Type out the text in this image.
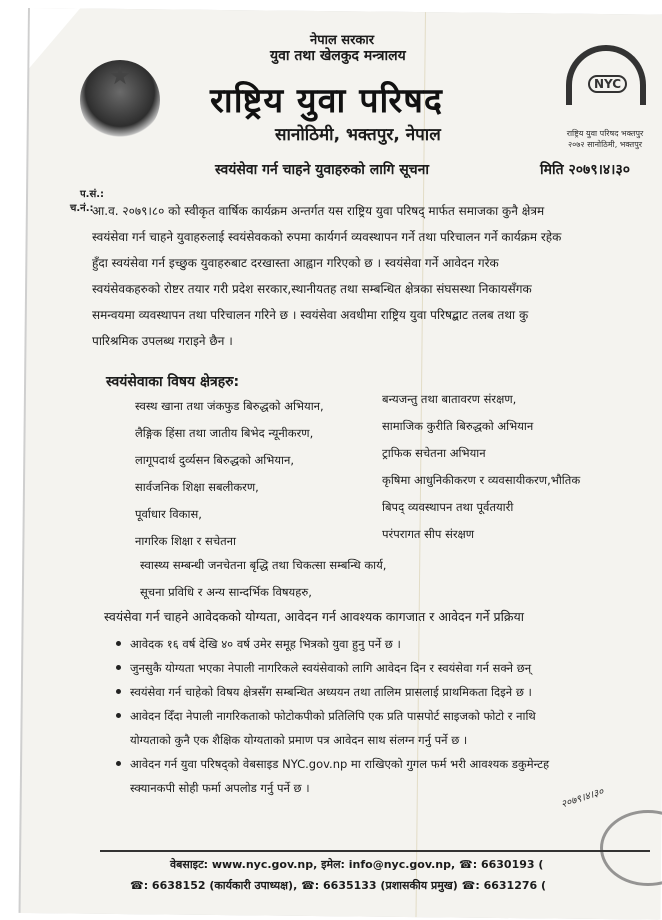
NYC
राष्ट्रिय युवा परिषद भक्तपुर २०७२ सानोठिमी, भक्तपुर
नेपाल सरकार
युवा तथा खेलकुद मन्त्रालय
राष्ट्रिय युवा परिषद
सानोठिमी, भक्तपुर, नेपाल
स्वयंसेवा गर्न चाहने युवाहरुको लागि सूचना	मिति २०७९।४।३०
प.सं.:
च.नं.:
आ.व. २०७९।८० को स्वीकृत वार्षिक कार्यक्रम अन्तर्गत यस राष्ट्रिय युवा परिषद् मार्फत समाजका कुनै क्षेत्रम
स्वयंसेवा गर्न चाहने युवाहरुलाई स्वयंसेवकको रुपमा कार्यगर्न व्यवस्थापन गर्ने तथा परिचालन गर्ने कार्यक्रम रहेक
हुँदा स्वयंसेवा गर्न इच्छुक युवाहरुबाट दरखास्ता आह्वान गरिएको छ । स्वयंसेवा गर्ने आवेदन गरेक
स्वयंसेवकहरुको रोष्टर तयार गरी प्रदेश सरकार,स्थानीयतह तथा सम्बन्धित क्षेत्रका संघसस्था निकायसँगक
समन्वयमा व्यवस्थापन तथा परिचालन गरिने छ । स्वयंसेवा अवधीमा राष्ट्रिय युवा परिषद्बाट तलब तथा कु
पारिश्रमिक उपलब्ध गराइने छैन ।
स्वयंसेवाका विषय क्षेत्रहरु:
स्वस्थ खाना तथा जंकफुड बिरुद्धको अभियान,
लैङ्गिक हिंसा तथा जातीय बिभेद न्यूनीकरण,
लागूपदार्थ दुर्व्यसन बिरुद्धको अभियान,
सार्वजनिक शिक्षा सबलीकरण,
पूर्वाधार विकास,
नागरिक शिक्षा र सचेतना
बन्यजन्तु तथा बातावरण संरक्षण,
सामाजिक कुरीति बिरुद्धको अभियान
ट्राफिक सचेतना अभियान
कृषिमा आधुनिकीकरण र व्यवसायीकरण,भौतिक
बिपद् व्यवस्थापन तथा पूर्वतयारी
परंपरागत सीप संरक्षण
स्वास्थ्य सम्बन्धी जनचेतना बृद्धि तथा चिकत्सा सम्बन्धि कार्य,
सूचना प्रविधि र अन्य सान्दर्भिक विषयहरु,
स्वयंसेवा गर्न चाहने आवेदकको योग्यता, आवेदन गर्न आवश्यक कागजात र आवेदन गर्ने प्रक्रिया
आवेदक १६ वर्ष देखि ४० वर्ष उमेर समूह भित्रको युवा हुनु पर्ने छ ।
जुनसुकै योग्यता भएका नेपाली नागरिकले स्वयंसेवाको लागि आवेदन दिन र स्वयंसेवा गर्न सक्ने छन्
स्वयंसेवा गर्न चाहेको विषय क्षेत्रसँग सम्बन्धित अध्ययन तथा तालिम प्रासलाई प्राथमिकता दिइने छ ।
आवेदन दिँदा नेपाली नागरिकताको फोटोकपीको प्रतिलिपि एक प्रति पासपोर्ट साइजको फोटो र नाथि
योग्यताको कुनै एक शैक्षिक योग्यताको प्रमाण पत्र आवेदन साथ संलग्न गर्नु पर्ने छ ।
आवेदन गर्न युवा परिषद्को वेबसाइड NYC.gov.np मा राखिएको गुगल फर्म भरी आवश्यक डकुमेन्टह
स्क्यानकपी सोही फर्मा अपलोड गर्नु पर्ने छ ।	२०७९।४।३०
वेबसाइट: www.nyc.gov.np, इमेल: info@nyc.gov.np, ☎: 6630193 (
☎: 6638152 (कार्यकारी उपाध्यक्ष), ☎: 6635133 (प्रशासकीय प्रमुख) ☎: 6631276 (
